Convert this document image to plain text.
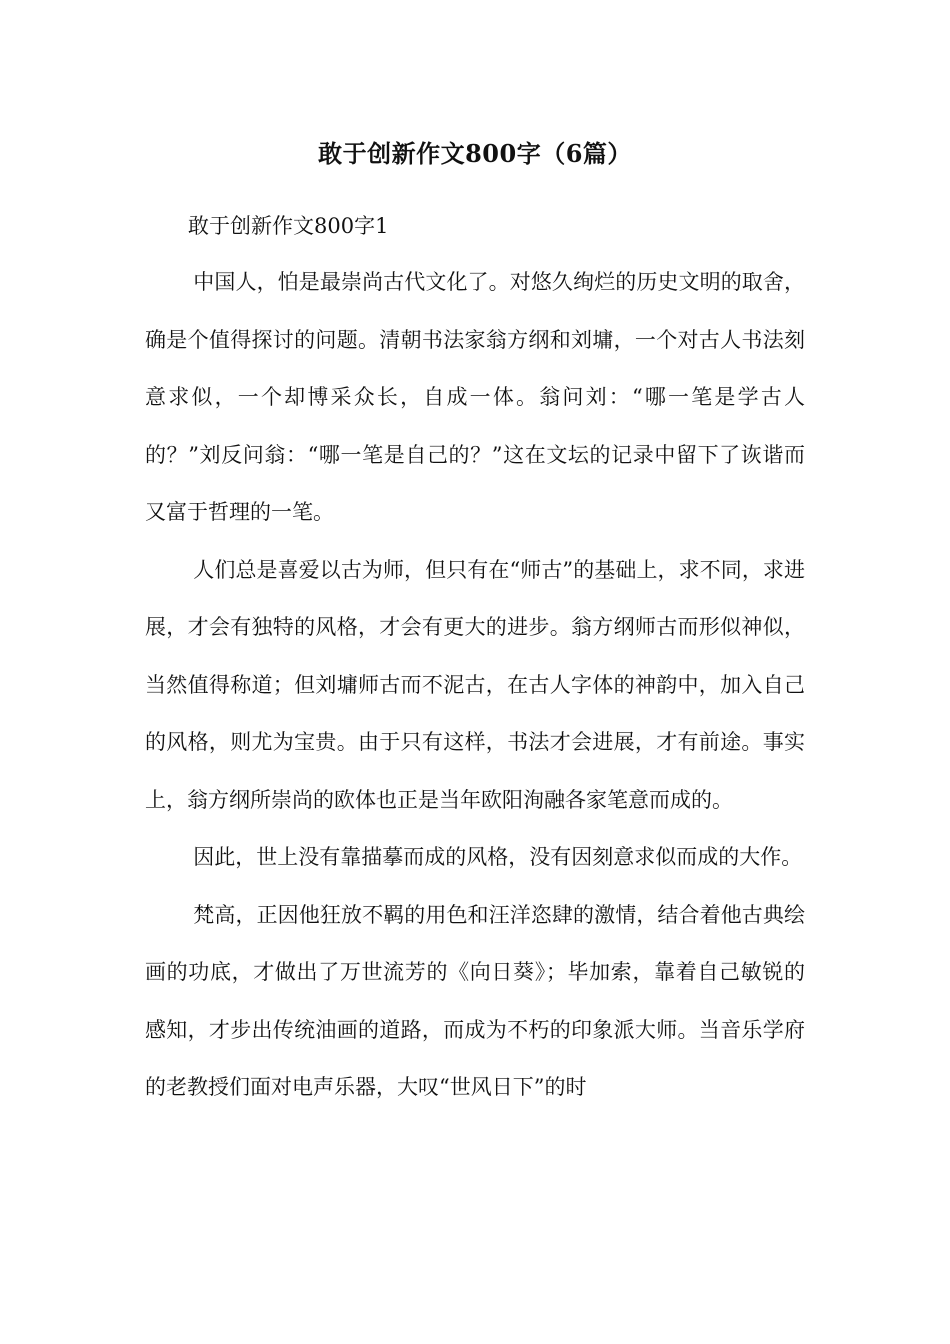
敢于创新作文800字（6篇）
敢于创新作文800字1

中国人，怕是最崇尚古代文化了。对悠久绚烂的历史文明的取舍，确是个值得探讨的问题。清朝书法家翁方纲和刘墉，一个对古人书法刻意求似，一个却博采众长，自成一体。翁问刘：“哪一笔是学古人的？”刘反问翁：“哪一笔是自己的？”这在文坛的记录中留下了诙谐而又富于哲理的一笔。

人们总是喜爱以古为师，但只有在“师古”的基础上，求不同，求进展，才会有独特的风格，才会有更大的进步。翁方纲师古而形似神似，当然值得称道；但刘墉师古而不泥古，在古人字体的神韵中，加入自己的风格，则尤为宝贵。由于只有这样，书法才会进展，才有前途。事实上，翁方纲所崇尚的欧体也正是当年欧阳洵融各家笔意而成的。

因此，世上没有靠描摹而成的风格，没有因刻意求似而成的大作。

梵高，正因他狂放不羁的用色和汪洋恣肆的激情，结合着他古典绘画的功底，才做出了万世流芳的《向日葵》；毕加索，靠着自己敏锐的感知，才步出传统油画的道路，而成为不朽的印象派大师。当音乐学府的老教授们面对电声乐器，大叹“世风日下”的时
